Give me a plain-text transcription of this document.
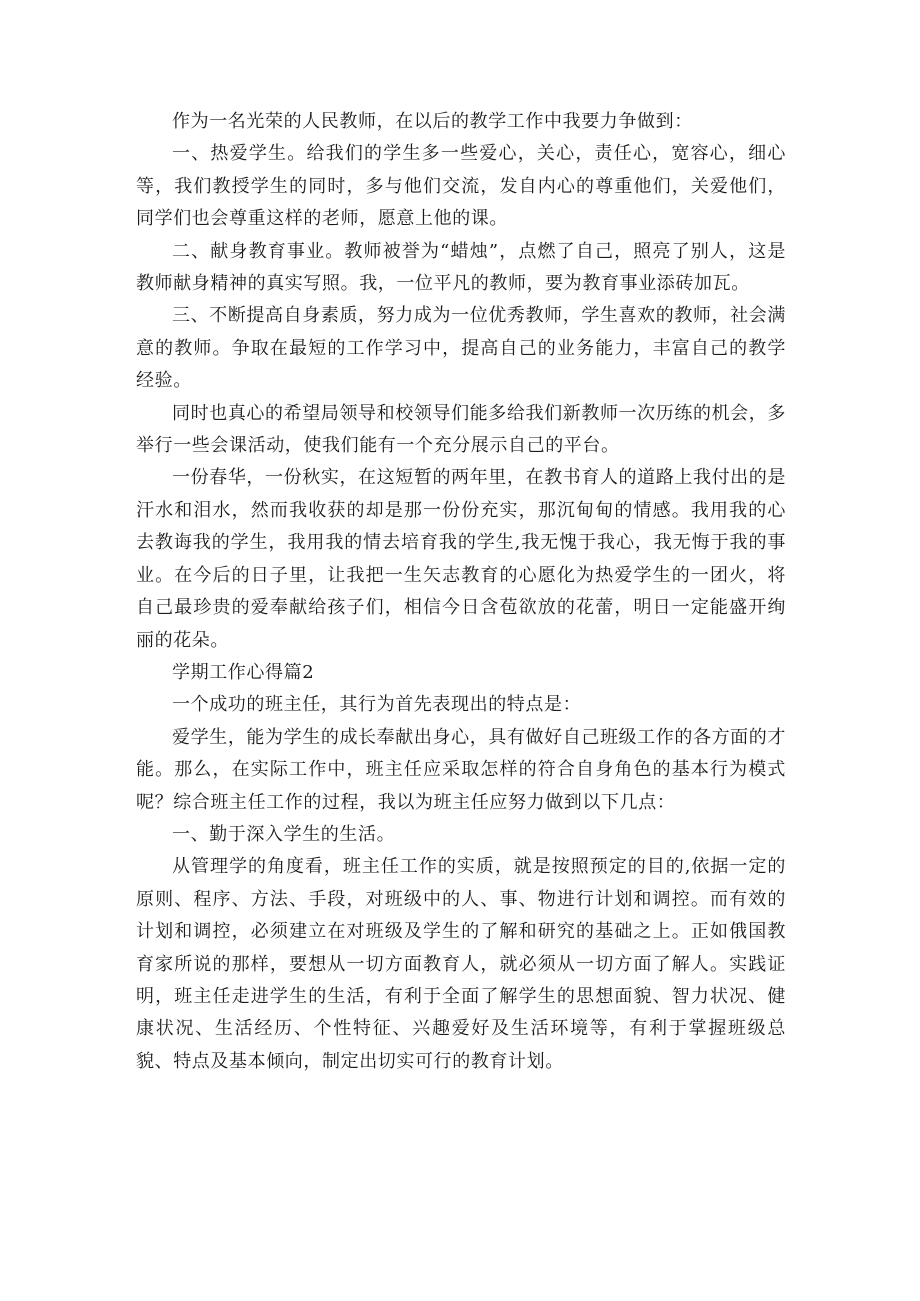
作为一名光荣的人民教师，在以后的教学工作中我要力争做到：

一、热爱学生。给我们的学生多一些爱心，关心，责任心，宽容心，细心等，我们教授学生的同时，多与他们交流，发自内心的尊重他们，关爱他们，同学们也会尊重这样的老师，愿意上他的课。

二、献身教育事业。教师被誉为“蜡烛”，点燃了自己，照亮了别人，这是教师献身精神的真实写照。我，一位平凡的教师，要为教育事业添砖加瓦。

三、不断提高自身素质，努力成为一位优秀教师，学生喜欢的教师，社会满意的教师。争取在最短的工作学习中，提高自己的业务能力，丰富自己的教学经验。

同时也真心的希望局领导和校领导们能多给我们新教师一次历练的机会，多举行一些会课活动，使我们能有一个充分展示自己的平台。

一份春华，一份秋实，在这短暂的两年里，在教书育人的道路上我付出的是汗水和泪水，然而我收获的却是那一份份充实，那沉甸甸的情感。我用我的心去教诲我的学生，我用我的情去培育我的学生,我无愧于我心，我无悔于我的事业。在今后的日子里，让我把一生矢志教育的心愿化为热爱学生的一团火，将自己最珍贵的爱奉献给孩子们，相信今日含苞欲放的花蕾，明日一定能盛开绚丽的花朵。

学期工作心得篇2

一个成功的班主任，其行为首先表现出的特点是：

爱学生，能为学生的成长奉献出身心，具有做好自己班级工作的各方面的才能。那么，在实际工作中，班主任应采取怎样的符合自身角色的基本行为模式呢？综合班主任工作的过程，我以为班主任应努力做到以下几点：

一、勤于深入学生的生活。

从管理学的角度看，班主任工作的实质，就是按照预定的目的,依据一定的原则、程序、方法、手段，对班级中的人、事、物进行计划和调控。而有效的计划和调控，必须建立在对班级及学生的了解和研究的基础之上。正如俄国教育家所说的那样，要想从一切方面教育人，就必须从一切方面了解人。实践证明，班主任走进学生的生活，有利于全面了解学生的思想面貌、智力状况、健康状况、生活经历、个性特征、兴趣爱好及生活环境等，有利于掌握班级总貌、特点及基本倾向，制定出切实可行的教育计划。
